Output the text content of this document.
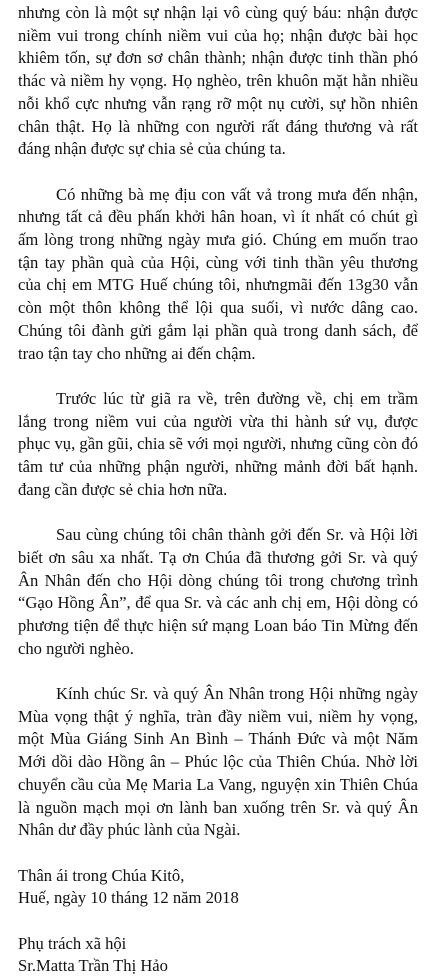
nhưng còn là một sự nhận lại vô cùng quý báu: nhận được niềm vui trong chính niềm vui của họ; nhận được bài học khiêm tốn, sự đơn sơ chân thành; nhận được tinh thần phó thác và niềm hy vọng. Họ nghèo, trên khuôn mặt hằn nhiều nỗi khổ cực nhưng vẫn rạng rỡ một nụ cười, sự hồn nhiên chân thật. Họ là những con người rất đáng thương và rất đáng nhận được sự chia sẻ của chúng ta.

Có những bà mẹ địu con vất vả trong mưa đến nhận, nhưng tất cả đều phấn khởi hân hoan, vì ít nhất có chút gì ấm lòng trong những ngày mưa gió. Chúng em muốn trao tận tay phần quà của Hội, cùng với tinh thần yêu thương của chị em MTG Huế chúng tôi, nhưngmãi đến 13g30 vẫn còn một thôn không thể lội qua suối, vì nước dâng cao. Chúng tôi đành gửi gắm lại phần quà trong danh sách, để trao tận tay cho những ai đến chậm.

Trước lúc từ giã ra về, trên đường về, chị em trầm lắng trong niềm vui của người vừa thi hành sứ vụ, được phục vụ, gần gũi, chia sẽ với mọi người, nhưng cũng còn đó tâm tư của những phận người, những mảnh đời bất hạnh. đang cần được sẻ chia hơn nữa.

Sau cùng chúng tôi chân thành gởi đến Sr. và Hội lời biết ơn sâu xa nhất. Tạ ơn Chúa đã thương gởi Sr. và quý Ân Nhân đến cho Hội dòng chúng tôi trong chương trình “Gạo Hồng Ân”, để qua Sr. và các anh chị em, Hội dòng có phương tiện để thực hiện sứ mạng Loan báo Tin Mừng đến cho người nghèo.

Kính chúc Sr. và quý Ân Nhân trong Hội những ngày Mùa vọng thật ý nghĩa, tràn đầy niềm vui, niềm hy vọng, một Mùa Giáng Sinh An Bình – Thánh Đức và một Năm Mới dồi dào Hồng ân – Phúc lộc của Thiên Chúa. Nhờ lời chuyển cầu của Mẹ Maria La Vang, nguyện xin Thiên Chúa là nguồn mạch mọi ơn lành ban xuống trên Sr. và quý Ân Nhân dư đầy phúc lành của Ngài.

Thân ái trong Chúa Kitô,
Huế, ngày 10 tháng 12 năm 2018
Phụ trách xã hội
Sr.Matta Trần Thị Hảo
